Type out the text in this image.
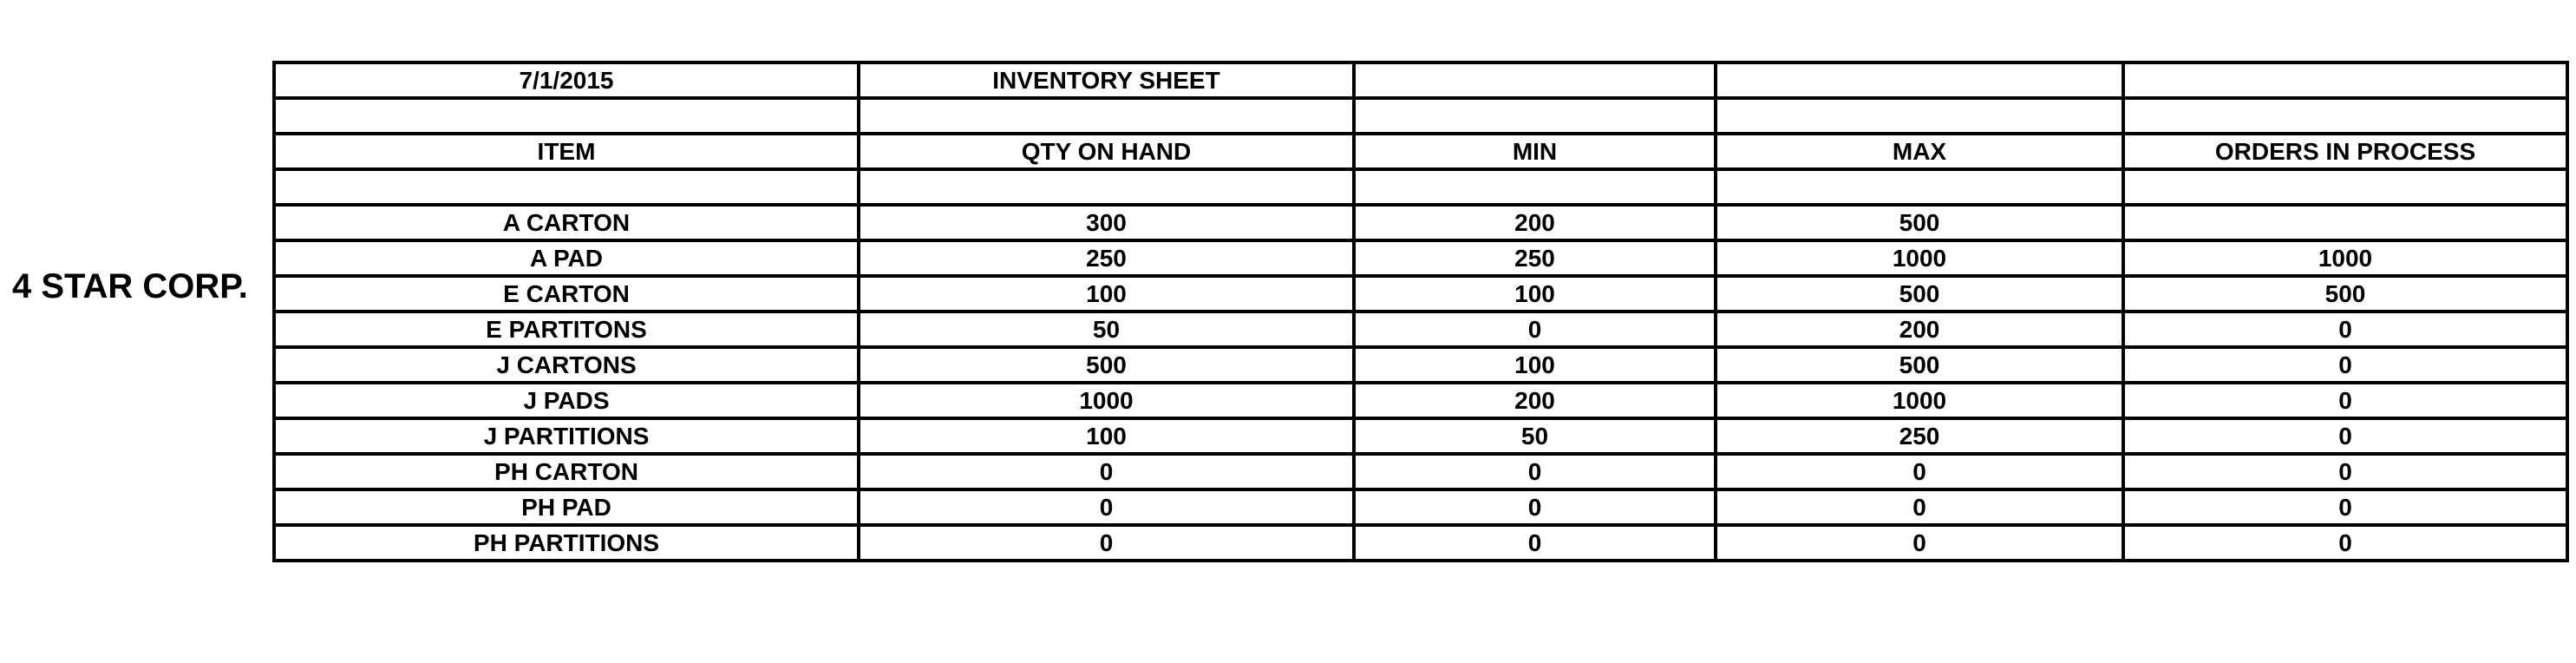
4 STAR CORP.
7/1/2015	INVENTORY SHEET			

ITEM	QTY ON HAND	MIN	MAX	ORDERS IN PROCESS

A CARTON	300	200	500	
A PAD	250	250	1000	1000
E CARTON	100	100	500	500
E PARTITONS	50	0	200	0
J CARTONS	500	100	500	0
J PADS	1000	200	1000	0
J PARTITIONS	100	50	250	0
PH CARTON	0	0	0	0
PH PAD	0	0	0	0
PH PARTITIONS	0	0	0	0
